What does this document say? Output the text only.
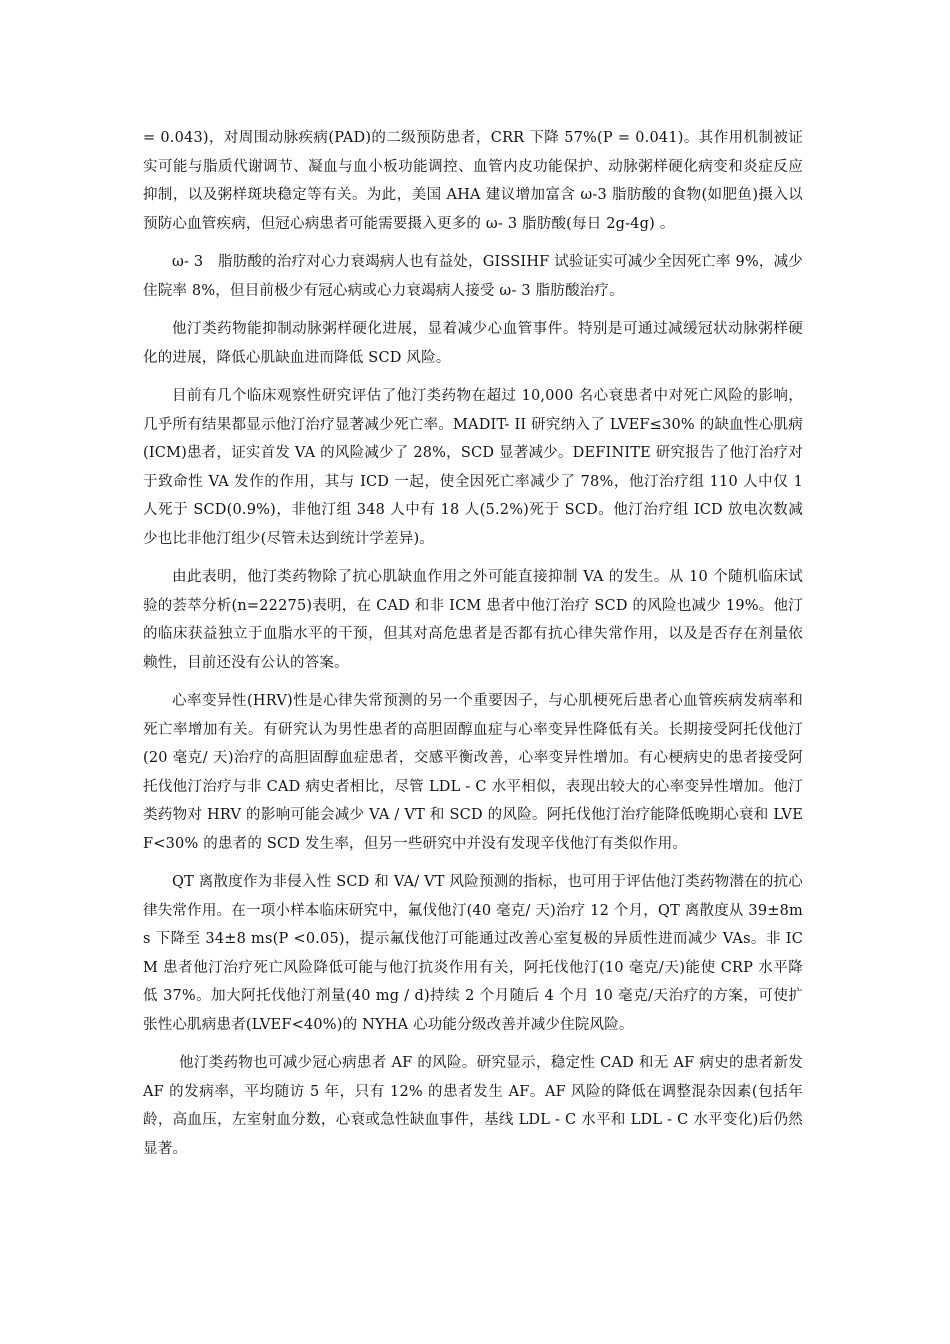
= 0.043)，对周围动脉疾病(PAD)的二级预防患者，CRR 下降 57%(P = 0.041)。其作用机制被证实可能与脂质代谢调节、凝血与血小板功能调控、血管内皮功能保护、动脉粥样硬化病变和炎症反应抑制，以及粥样斑块稳定等有关。为此，美国 AHA 建议增加富含 ω-3 脂肪酸的食物(如肥鱼)摄入以预防心血管疾病，但冠心病患者可能需要摄入更多的 ω- 3 脂肪酸(每日 2g-4g) 。

ω- 3　脂肪酸的治疗对心力衰竭病人也有益处，GISSIHF 试验证实可减少全因死亡率 9%，减少住院率 8%，但目前极少有冠心病或心力衰竭病人接受 ω- 3 脂肪酸治疗。

他汀类药物能抑制动脉粥样硬化进展，显着减少心血管事件。特别是可通过减缓冠状动脉粥样硬化的进展，降低心肌缺血进而降低 SCD 风险。

目前有几个临床观察性研究评估了他汀类药物在超过 10,000 名心衰患者中对死亡风险的影响，几乎所有结果都显示他汀治疗显著减少死亡率。MADIT- II 研究纳入了 LVEF≤30% 的缺血性心肌病(ICM)患者，证实首发 VA 的风险减少了 28%，SCD 显著减少。DEFINITE 研究报告了他汀治疗对于致命性 VA 发作的作用，其与 ICD 一起，使全因死亡率减少了 78%，他汀治疗组 110 人中仅 1 人死于 SCD(0.9%)，非他汀组 348 人中有 18 人(5.2%)死于 SCD。他汀治疗组 ICD 放电次数减少也比非他汀组少(尽管未达到统计学差异)。

由此表明，他汀类药物除了抗心肌缺血作用之外可能直接抑制 VA 的发生。从 10 个随机临床试验的荟萃分析(n=22275)表明，在 CAD 和非 ICM 患者中他汀治疗 SCD 的风险也减少 19%。他汀的临床获益独立于血脂水平的干预，但其对高危患者是否都有抗心律失常作用，以及是否存在剂量依赖性，目前还没有公认的答案。

心率变异性(HRV)性是心律失常预测的另一个重要因子，与心肌梗死后患者心血管疾病发病率和死亡率增加有关。有研究认为男性患者的高胆固醇血症与心率变异性降低有关。长期接受阿托伐他汀(20 毫克/ 天)治疗的高胆固醇血症患者，交感平衡改善，心率变异性增加。有心梗病史的患者接受阿托伐他汀治疗与非 CAD 病史者相比，尽管 LDL - C 水平相似，表现出较大的心率变异性增加。他汀类药物对 HRV 的影响可能会减少 VA / VT 和 SCD 的风险。阿托伐他汀治疗能降低晚期心衰和 LVEF<30% 的患者的 SCD 发生率，但另一些研究中并没有发现辛伐他汀有类似作用。

QT 离散度作为非侵入性 SCD 和 VA/ VT 风险预测的指标，也可用于评估他汀类药物潜在的抗心律失常作用。在一项小样本临床研究中，氟伐他汀(40 毫克/ 天)治疗 12 个月，QT 离散度从 39±8ms 下降至 34±8 ms(P <0.05)，提示氟伐他汀可能通过改善心室复极的异质性进而减少 VAs。非 ICM 患者他汀治疗死亡风险降低可能与他汀抗炎作用有关，阿托伐他汀(10 毫克/天)能使 CRP 水平降低 37%。加大阿托伐他汀剂量(40 mg / d)持续 2 个月随后 4 个月 10 毫克/天治疗的方案，可使扩张性心肌病患者(LVEF<40%)的 NYHA 心功能分级改善并减少住院风险。

他汀类药物也可减少冠心病患者 AF 的风险。研究显示，稳定性 CAD 和无 AF 病史的患者新发 AF 的发病率，平均随访 5 年，只有 12% 的患者发生 AF。AF 风险的降低在调整混杂因素(包括年龄，高血压，左室射血分数，心衰或急性缺血事件，基线 LDL - C 水平和 LDL - C 水平变化)后仍然显著。
